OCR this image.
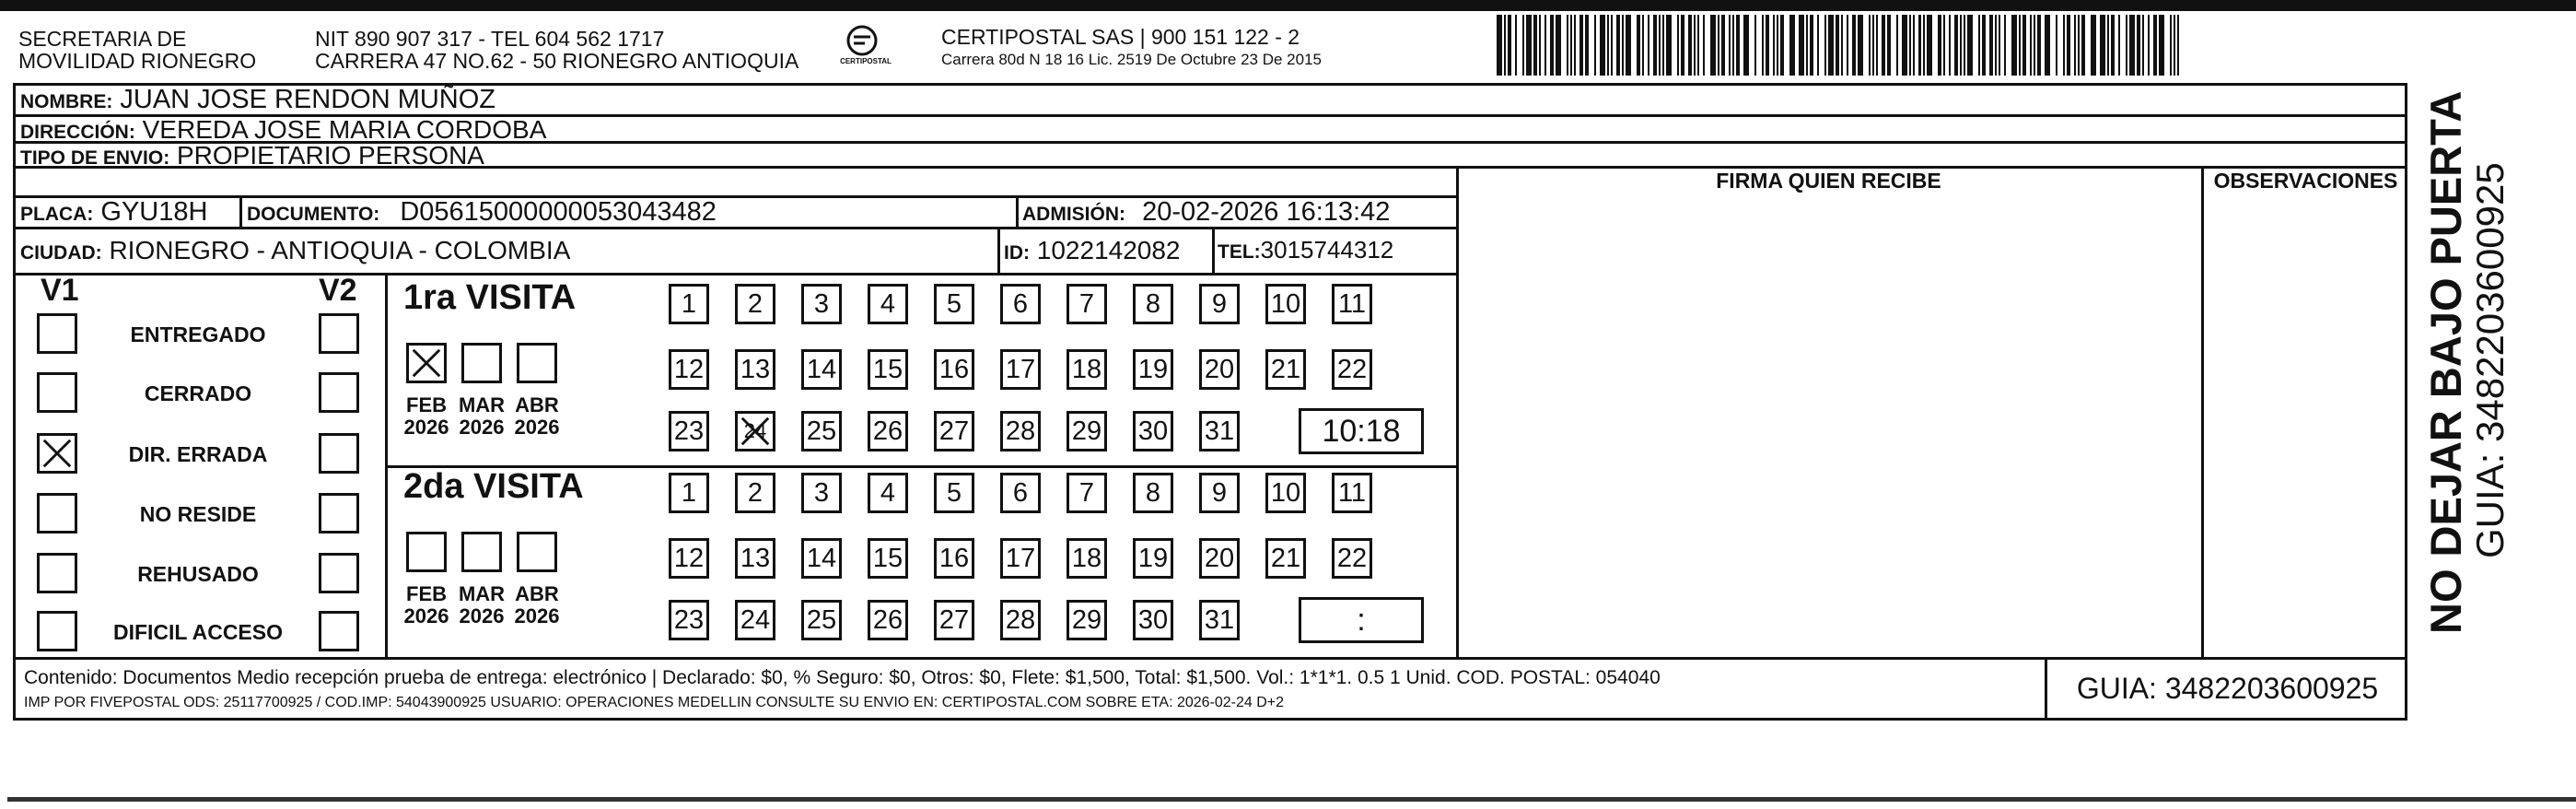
SECRETARIA DE
MOVILIDAD RIONEGRO
NIT 890 907 317 - TEL 604 562 1717
CARRERA 47 NO.62 - 50 RIONEGRO ANTIOQUIA	CERTIPOSTAL
CERTIPOSTAL SAS | 900 151 122 - 2
Carrera 80d N 18 16 Lic. 2519 De Octubre 23 De 2015
NOMBRE: JUAN JOSE RENDON MUÑOZ
DIRECCIÓN: VEREDA JOSE MARIA CORDOBA
TIPO DE ENVIO: PROPIETARIO PERSONA
FIRMA QUIEN RECIBE	OBSERVACIONES
PLACA: GYU18H DOCUMENTO: D05615000000053043482	ADMISIÓN: 20-02-2026 16:13:42
CIUDAD: RIONEGRO - ANTIOQUIA - COLOMBIA	ID: 1022142082 TEL:3015744312
V1	V2
ENTREGADO
CERRADO
DIR. ERRADA
NO RESIDE
REHUSADO
DIFICIL ACCESO
1ra VISITA
FEB
2026
MAR
2026
ABR
2026
1 2 3 4 5 6 7 8 9 10 11
12 13 14 15 16 17 18 19 20 21 22
23 24 25 26 27 28 29 30 31	10:18
2da VISITA
FEB
2026
MAR
2026
ABR
2026
1 2 3 4 5 6 7 8 9 10 11
12 13 14 15 16 17 18 19 20 21 22
23 24 25 26 27 28 29 30 31	:
Contenido: Documentos Medio recepción prueba de entrega: electrónico | Declarado: $0, % Seguro: $0, Otros: $0, Flete: $1,500, Total: $1,500. Vol.: 1*1*1. 0.5 1 Unid. COD. POSTAL: 054040
IMP POR FIVEPOSTAL ODS: 25117700925 / COD.IMP: 54043900925 USUARIO: OPERACIONES MEDELLIN CONSULTE SU ENVIO EN: CERTIPOSTAL.COM SOBRE ETA: 2026-02-24 D+2	GUIA: 3482203600925
NO DEJAR BAJO PUERTA
GUIA: 3482203600925
